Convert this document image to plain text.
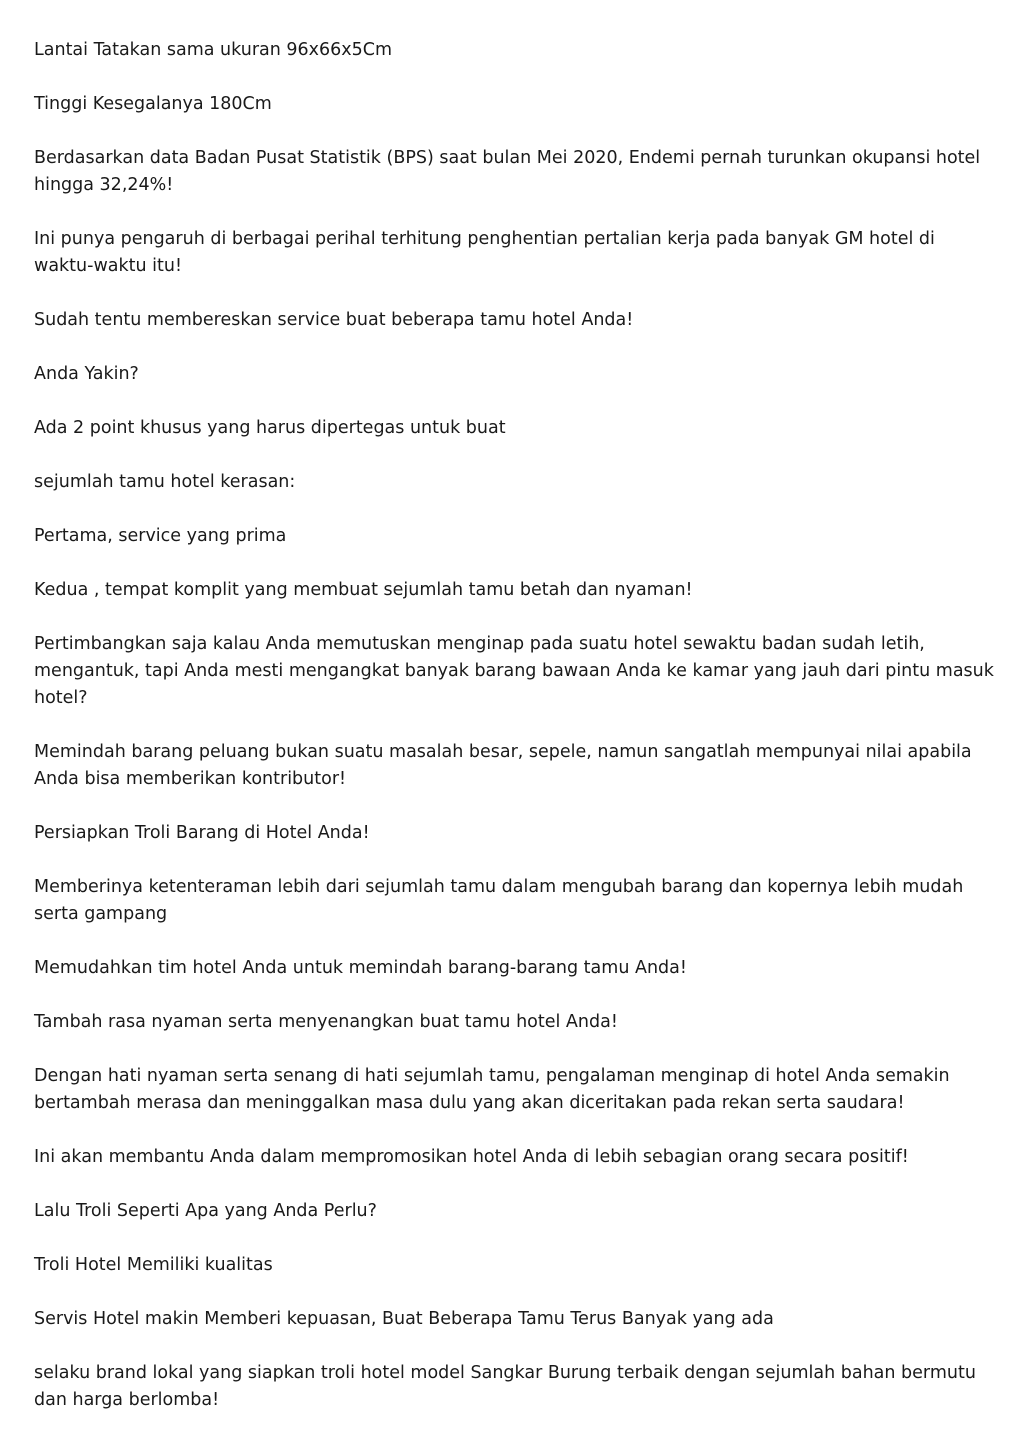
Lantai Tatakan sama ukuran 96x66x5Cm

Tinggi Kesegalanya 180Cm

Berdasarkan data Badan Pusat Statistik (BPS) saat bulan Mei 2020, Endemi pernah turunkan okupansi hotel hingga 32,24%!

Ini punya pengaruh di berbagai perihal terhitung penghentian pertalian kerja pada banyak GM hotel di waktu-waktu itu!

Sudah tentu membereskan service buat beberapa tamu hotel Anda!

Anda Yakin?

Ada 2 point khusus yang harus dipertegas untuk buat

sejumlah tamu hotel kerasan:

Pertama, service yang prima

Kedua , tempat komplit yang membuat sejumlah tamu betah dan nyaman!

Pertimbangkan saja kalau Anda memutuskan menginap pada suatu hotel sewaktu badan sudah letih, mengantuk, tapi Anda mesti mengangkat banyak barang bawaan Anda ke kamar yang jauh dari pintu masuk hotel?

Memindah barang peluang bukan suatu masalah besar, sepele, namun sangatlah mempunyai nilai apabila Anda bisa memberikan kontributor!

Persiapkan Troli Barang di Hotel Anda!

Memberinya ketenteraman lebih dari sejumlah tamu dalam mengubah barang dan kopernya lebih mudah serta gampang

Memudahkan tim hotel Anda untuk memindah barang-barang tamu Anda!

Tambah rasa nyaman serta menyenangkan buat tamu hotel Anda!

Dengan hati nyaman serta senang di hati sejumlah tamu, pengalaman menginap di hotel Anda semakin bertambah merasa dan meninggalkan masa dulu yang akan diceritakan pada rekan serta saudara!

Ini akan membantu Anda dalam mempromosikan hotel Anda di lebih sebagian orang secara positif!

Lalu Troli Seperti Apa yang Anda Perlu?

Troli Hotel Memiliki kualitas

Servis Hotel makin Memberi kepuasan, Buat Beberapa Tamu Terus Banyak yang ada

selaku brand lokal yang siapkan troli hotel model Sangkar Burung terbaik dengan sejumlah bahan bermutu dan harga berlomba!
